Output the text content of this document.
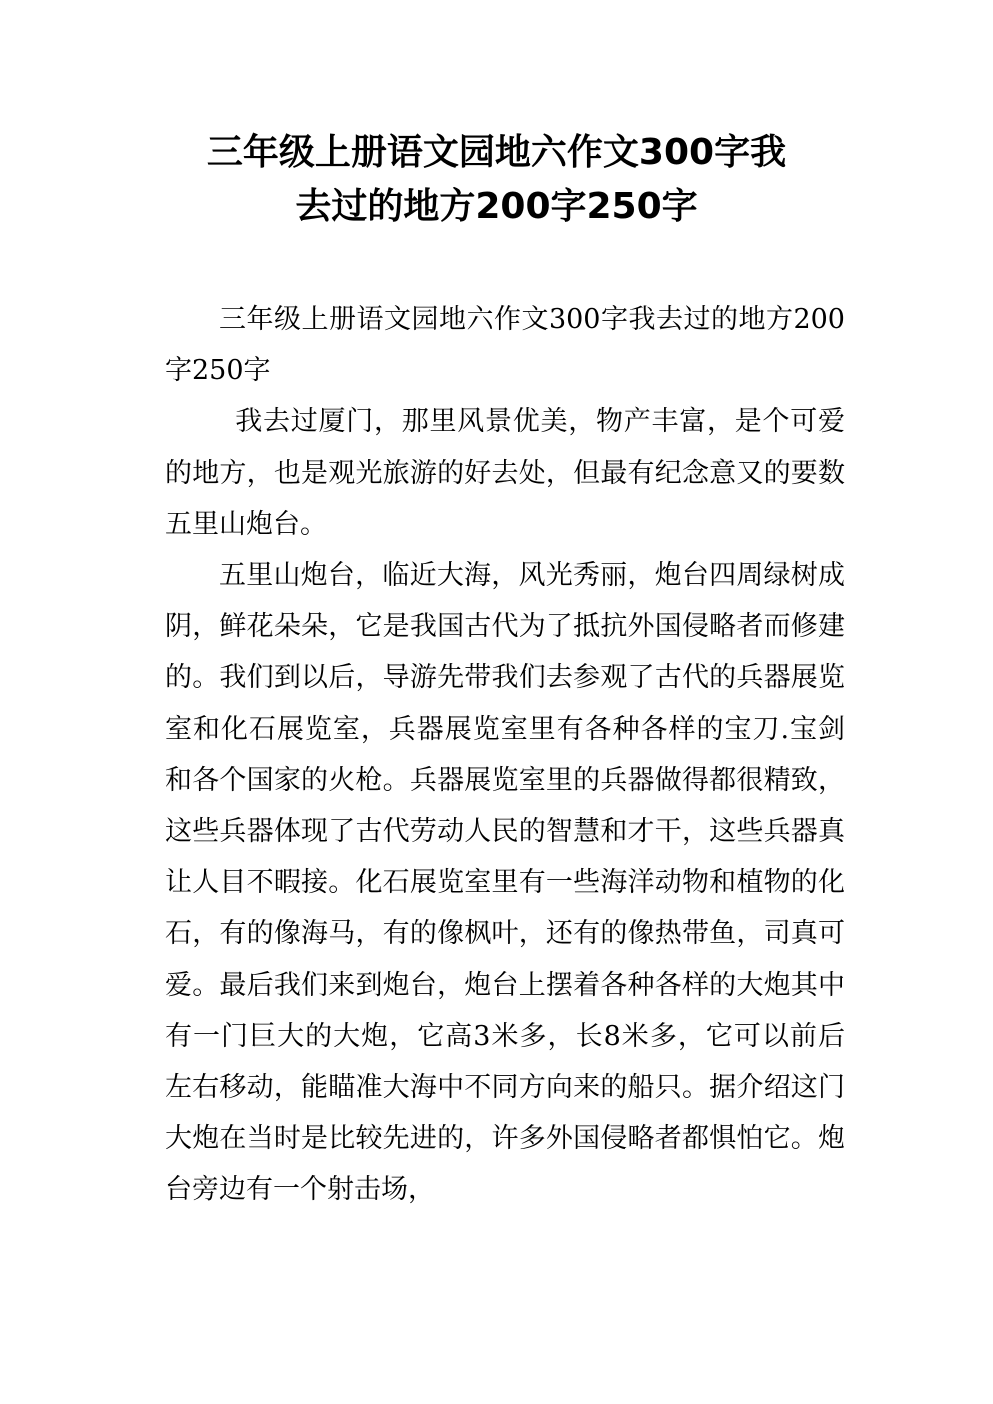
三年级上册语文园地六作文300字我
去过的地方200字250字

三年级上册语文园地六作文300字我去过的地方200字250字

我去过厦门，那里风景优美，物产丰富，是个可爱的地方，也是观光旅游的好去处，但最有纪念意又的要数五里山炮台。

五里山炮台，临近大海，风光秀丽，炮台四周绿树成阴，鲜花朵朵，它是我国古代为了抵抗外国侵略者而修建的。我们到以后，导游先带我们去参观了古代的兵器展览室和化石展览室，兵器展览室里有各种各样的宝刀.宝剑和各个国家的火枪。兵器展览室里的兵器做得都很精致，这些兵器体现了古代劳动人民的智慧和才干，这些兵器真让人目不暇接。化石展览室里有一些海洋动物和植物的化石，有的像海马，有的像枫叶，还有的像热带鱼，司真可爱。最后我们来到炮台，炮台上摆着各种各样的大炮其中有一门巨大的大炮，它高3米多，长8米多，它可以前后左右移动，能瞄准大海中不同方向来的船只。据介绍这门大炮在当时是比较先进的，许多外国侵略者都惧怕它。炮台旁边有一个射击场，
